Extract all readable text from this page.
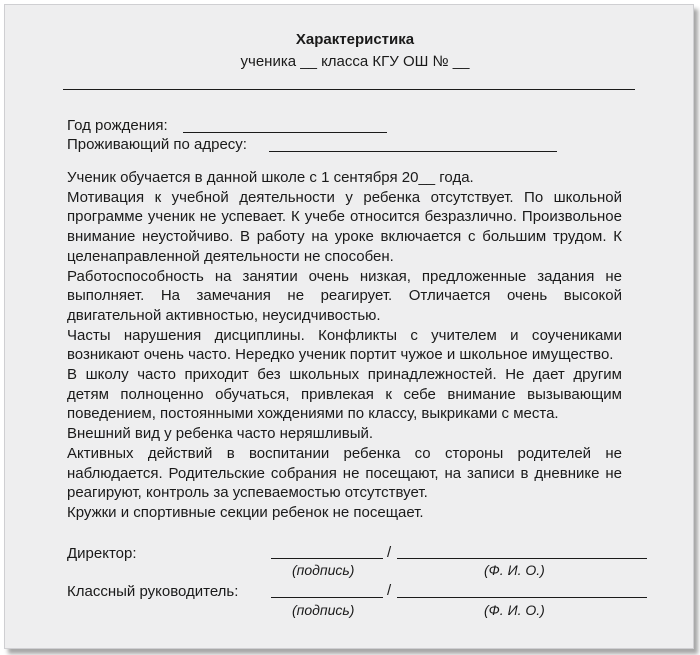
Характеристика
ученика __ класса КГУ ОШ № __
Год рождения:
Проживающий по адресу:

Ученик обучается в данной школе с 1 сентября 20__ года.

Мотивация к учебной деятельности у ребенка отсутствует. По школьной программе ученик не успевает. К учебе относится безразлично. Произвольное внимание неустойчиво. В работу на уроке включается с большим трудом. К целенаправленной деятельности не способен.

Работоспособность на занятии очень низкая, предложенные задания не выполняет. На замечания не реагирует. Отличается очень высокой двигательной активностью, неусидчивостью.

Часты нарушения дисциплины. Конфликты с учителем и соучениками возникают очень часто. Нередко ученик портит чужое и школьное имущество.

В школу часто приходит без школьных принадлежностей. Не дает другим детям полноценно обучаться, привлекая к себе внимание вызывающим поведением, постоянными хождениями по классу, выкриками с места.

Внешний вид у ребенка часто неряшливый.

Активных действий в воспитании ребенка со стороны родителей не наблюдается. Родительские собрания не посещают, на записи в дневнике не реагируют, контроль за успеваемостью отсутствует.

Кружки и спортивные секции ребенок не посещает.

Директор:	/
(подпись)	(Ф. И. О.)
Классный руководитель:	/
(подпись)	(Ф. И. О.)
